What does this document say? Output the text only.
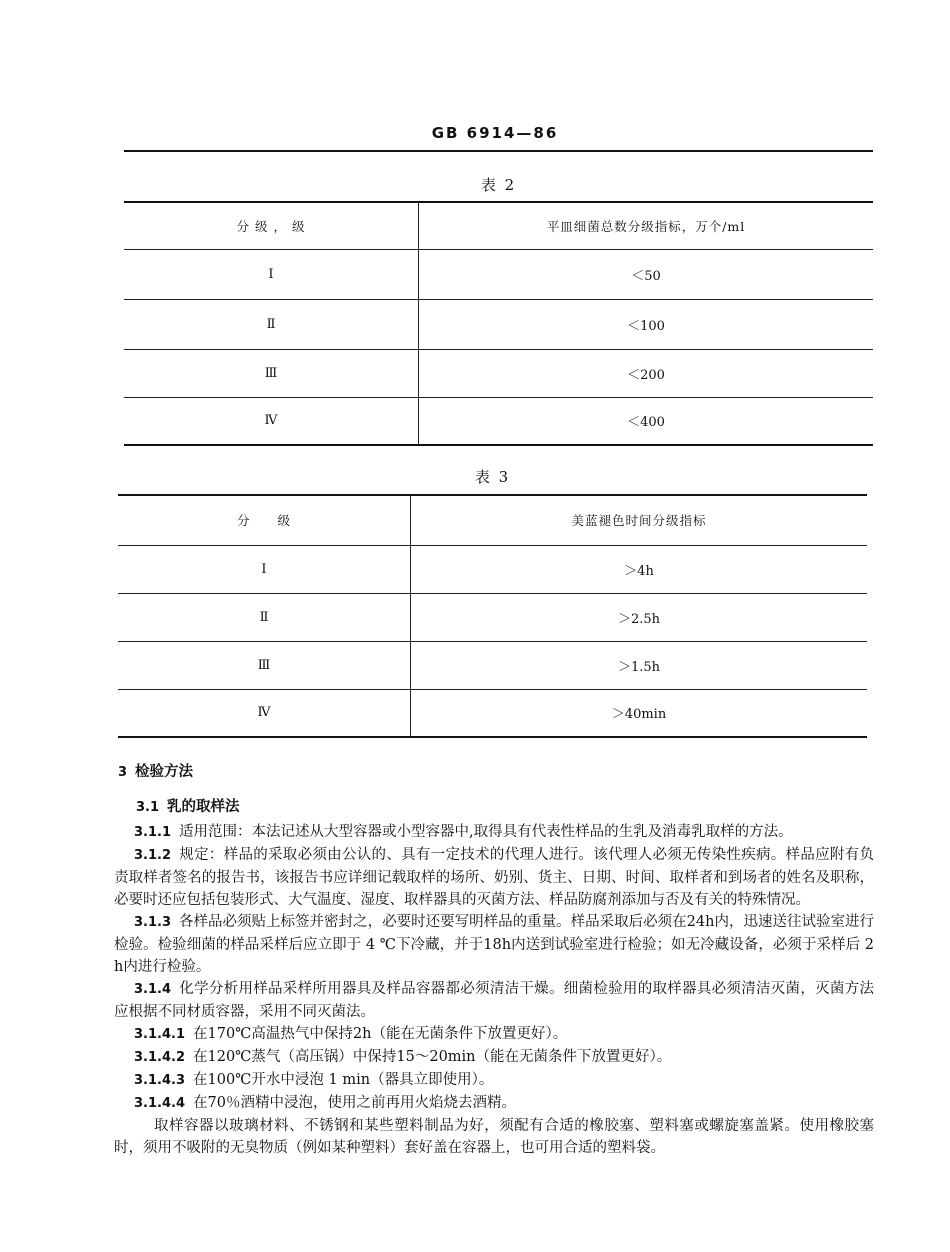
GB 6914—86
表 2
分 级 ， 级	平皿细菌总数分级指标，万个/ml
Ⅰ	＜50
Ⅱ	＜100
Ⅲ	＜200
Ⅳ	＜400
表 3
分　　级	美蓝褪色时间分级指标
Ⅰ	＞4h
Ⅱ	＞2.5h
Ⅲ	＞1.5h
Ⅳ	＞40min
3 检验方法
3.1 乳的取样法

3.1.1 适用范围：本法记述从大型容器或小型容器中,取得具有代表性样品的生乳及消毒乳取样的方法。

3.1.2 规定：样品的采取必须由公认的、具有一定技术的代理人进行。该代理人必须无传染性疾病。样品应附有负责取样者签名的报告书，该报告书应详细记载取样的场所、奶别、货主、日期、时间、取样者和到场者的姓名及职称，必要时还应包括包装形式、大气温度、湿度、取样器具的灭菌方法、样品防腐剂添加与否及有关的特殊情况。

3.1.3 各样品必须贴上标签并密封之，必要时还要写明样品的重量。样品采取后必须在24h内，迅速送往试验室进行检验。检验细菌的样品采样后应立即于 4 ℃下冷藏，并于18h内送到试验室进行检验；如无冷藏设备，必须于采样后 2 h内进行检验。

3.1.4 化学分析用样品采样所用器具及样品容器都必须清洁干燥。细菌检验用的取样器具必须清洁灭菌，灭菌方法应根据不同材质容器，采用不同灭菌法。

3.1.4.1 在170℃高温热气中保持2h（能在无菌条件下放置更好）。

3.1.4.2 在120℃蒸气（高压锅）中保持15～20min（能在无菌条件下放置更好）。

3.1.4.3 在100℃开水中浸泡 1 min（器具立即使用）。

3.1.4.4 在70％酒精中浸泡，使用之前再用火焰烧去酒精。

取样容器以玻璃材料、不锈钢和某些塑料制品为好，须配有合适的橡胶塞、塑料塞或螺旋塞盖紧。使用橡胶塞时，须用不吸附的无臭物质（例如某种塑料）套好盖在容器上，也可用合适的塑料袋。
